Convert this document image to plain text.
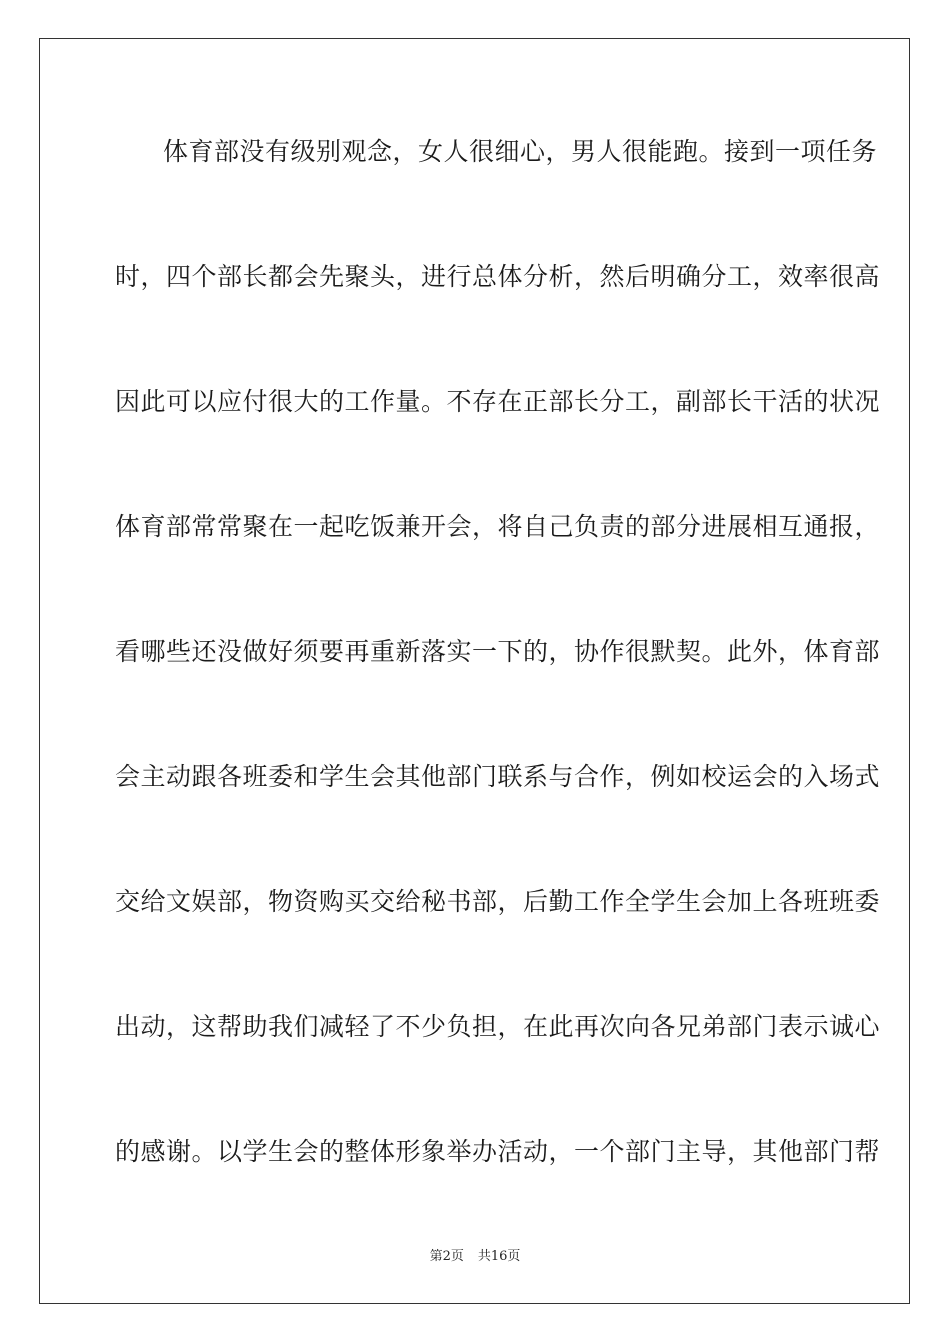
体育部没有级别观念，女人很细心，男人很能跑。接到一项任务
时，四个部长都会先聚头，进行总体分析，然后明确分工，效率很高
因此可以应付很大的工作量。不存在正部长分工，副部长干活的状况
体育部常常聚在一起吃饭兼开会，将自己负责的部分进展相互通报，
看哪些还没做好须要再重新落实一下的，协作很默契。此外，体育部
会主动跟各班委和学生会其他部门联系与合作，例如校运会的入场式
交给文娱部，物资购买交给秘书部，后勤工作全学生会加上各班班委
出动，这帮助我们减轻了不少负担，在此再次向各兄弟部门表示诚心
的感谢。以学生会的整体形象举办活动，一个部门主导，其他部门帮
第2页 共16页
